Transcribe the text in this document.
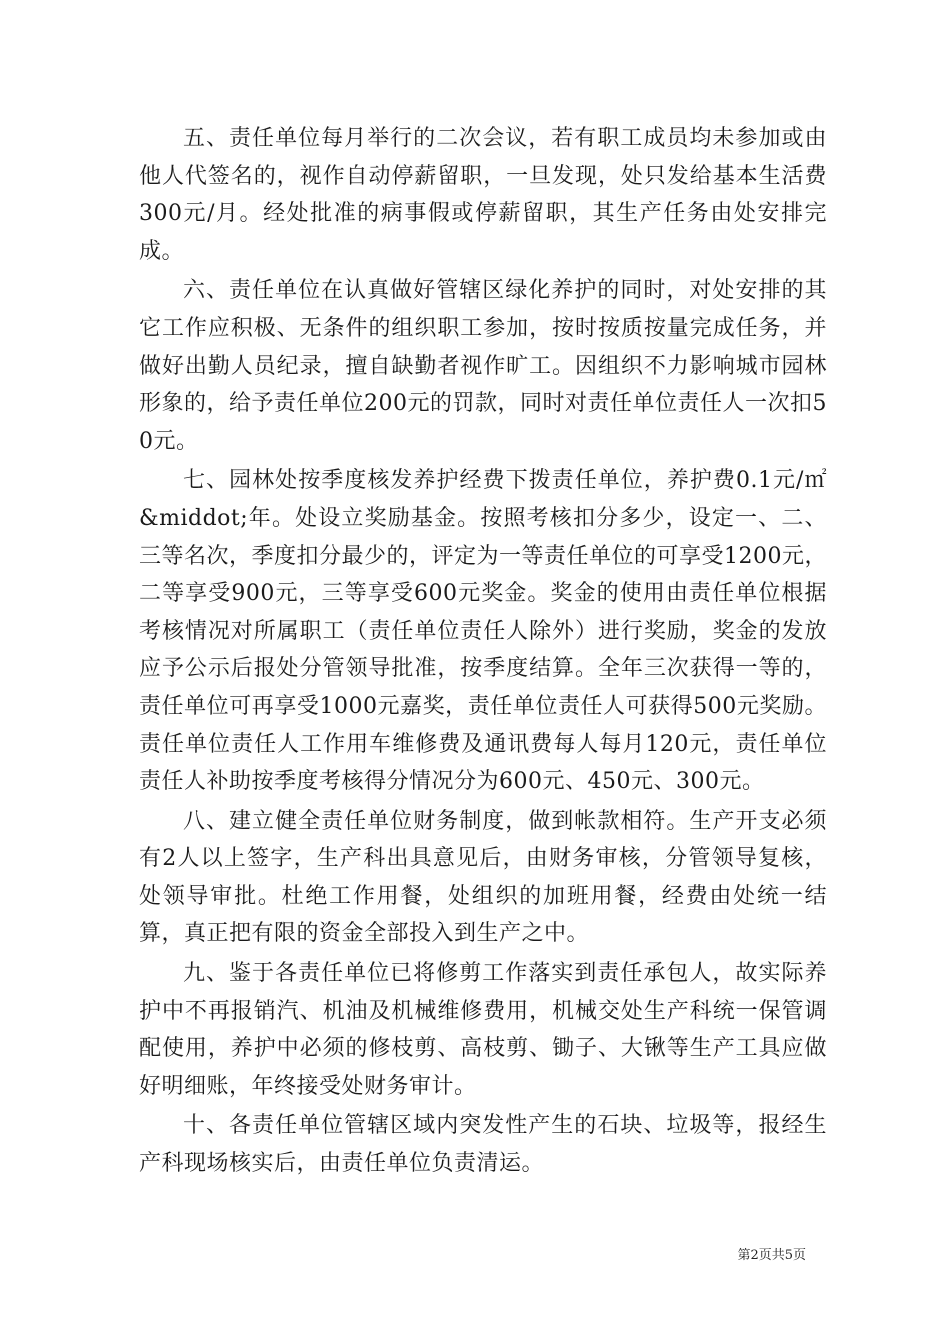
五、责任单位每月举行的二次会议，若有职工成员均未参加或由他人代签名的，视作自动停薪留职，一旦发现，处只发给基本生活费300元/月。经处批准的病事假或停薪留职，其生产任务由处安排完成。

六、责任单位在认真做好管辖区绿化养护的同时，对处安排的其它工作应积极、无条件的组织职工参加，按时按质按量完成任务，并做好出勤人员纪录，擅自缺勤者视作旷工。因组织不力影响城市园林形象的，给予责任单位200元的罚款，同时对责任单位责任人一次扣50元。

七、园林处按季度核发养护经费下拨责任单位，养护费0.1元/㎡&middot;年。处设立奖励基金。按照考核扣分多少，设定一、二、三等名次，季度扣分最少的，评定为一等责任单位的可享受1200元，二等享受900元，三等享受600元奖金。奖金的使用由责任单位根据考核情况对所属职工（责任单位责任人除外）进行奖励，奖金的发放应予公示后报处分管领导批准，按季度结算。全年三次获得一等的，责任单位可再享受1000元嘉奖，责任单位责任人可获得500元奖励。责任单位责任人工作用车维修费及通讯费每人每月120元，责任单位责任人补助按季度考核得分情况分为600元、450元、300元。

八、建立健全责任单位财务制度，做到帐款相符。生产开支必须有2人以上签字，生产科出具意见后，由财务审核，分管领导复核，处领导审批。杜绝工作用餐，处组织的加班用餐，经费由处统一结算，真正把有限的资金全部投入到生产之中。

九、鉴于各责任单位已将修剪工作落实到责任承包人，故实际养护中不再报销汽、机油及机械维修费用，机械交处生产科统一保管调配使用，养护中必须的修枝剪、高枝剪、锄子、大锹等生产工具应做好明细账，年终接受处财务审计。

十、各责任单位管辖区域内突发性产生的石块、垃圾等，报经生产科现场核实后，由责任单位负责清运。

第2页共5页
